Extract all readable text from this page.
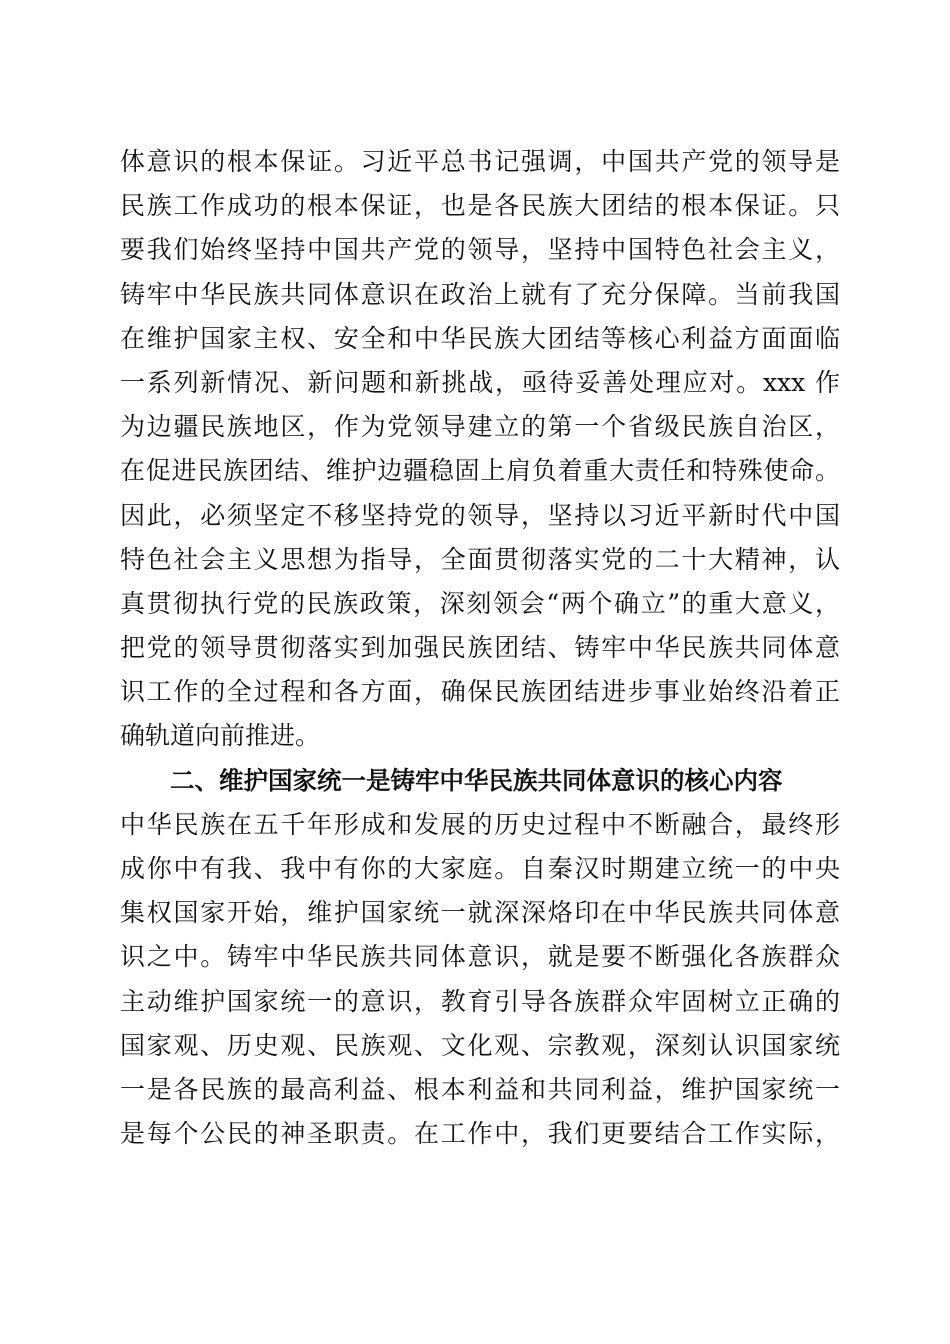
体意识的根本保证。习近平总书记强调，中国共产党的领导是
民族工作成功的根本保证，也是各民族大团结的根本保证。只
要我们始终坚持中国共产党的领导，坚持中国特色社会主义，
铸牢中华民族共同体意识在政治上就有了充分保障。当前我国
在维护国家主权、安全和中华民族大团结等核心利益方面面临
一系列新情况、新问题和新挑战，亟待妥善处理应对。xxx 作
为边疆民族地区，作为党领导建立的第一个省级民族自治区，
在促进民族团结、维护边疆稳固上肩负着重大责任和特殊使命。
因此，必须坚定不移坚持党的领导，坚持以习近平新时代中国
特色社会主义思想为指导，全面贯彻落实党的二十大精神，认
真贯彻执行党的民族政策，深刻领会“两个确立”的重大意义，
把党的领导贯彻落实到加强民族团结、铸牢中华民族共同体意
识工作的全过程和各方面，确保民族团结进步事业始终沿着正
确轨道向前推进。
二、维护国家统一是铸牢中华民族共同体意识的核心内容
中华民族在五千年形成和发展的历史过程中不断融合，最终形
成你中有我、我中有你的大家庭。自秦汉时期建立统一的中央
集权国家开始，维护国家统一就深深烙印在中华民族共同体意
识之中。铸牢中华民族共同体意识，就是要不断强化各族群众
主动维护国家统一的意识，教育引导各族群众牢固树立正确的
国家观、历史观、民族观、文化观、宗教观，深刻认识国家统
一是各民族的最高利益、根本利益和共同利益，维护国家统一
是每个公民的神圣职责。在工作中，我们更要结合工作实际，
